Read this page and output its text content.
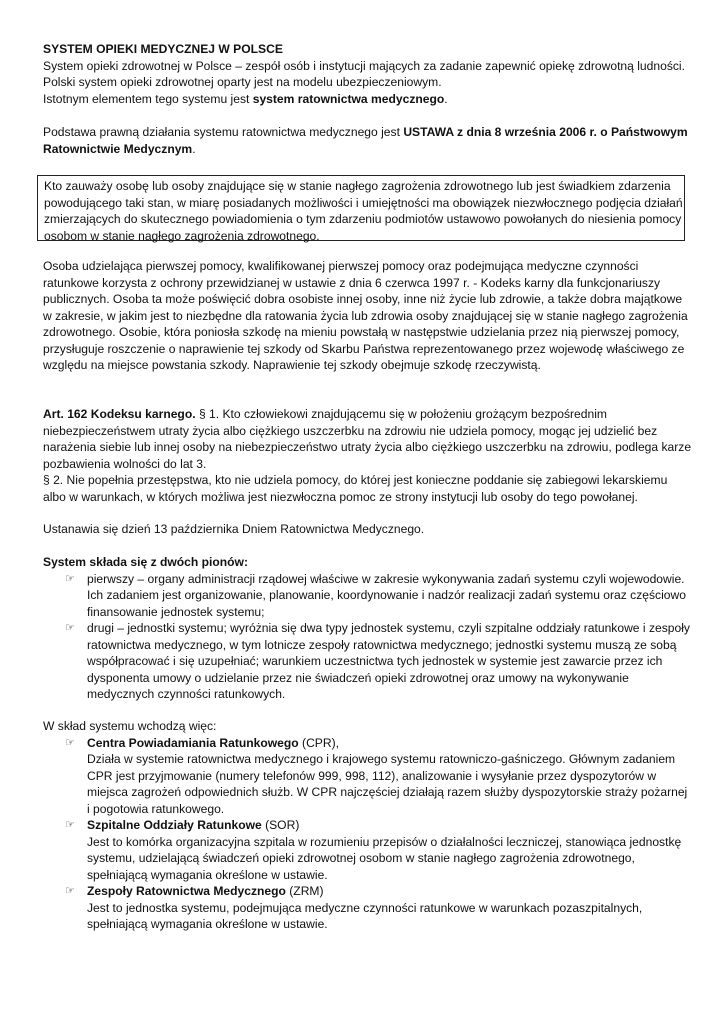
SYSTEM OPIEKI MEDYCZNEJ W POLSCE

System opieki zdrowotnej w Polsce – zespół osób i instytucji mających za zadanie zapewnić opiekę zdrowotną ludności.

Polski system opieki zdrowotnej oparty jest na modelu ubezpieczeniowym.

Istotnym elementem tego systemu jest system ratownictwa medycznego.

Podstawa prawną działania systemu ratownictwa medycznego jest USTAWA z dnia 8 września 2006 r. o Państwowym Ratownictwie Medycznym.

Kto zauważy osobę lub osoby znajdujące się w stanie nagłego zagrożenia zdrowotnego lub jest świadkiem zdarzenia powodującego taki stan, w miarę posiadanych możliwości i umiejętności ma obowiązek niezwłocznego podjęcia działań zmierzających do skutecznego powiadomienia o tym zdarzeniu podmiotów ustawowo powołanych do niesienia pomocy osobom w stanie nagłego zagrożenia zdrowotnego.

Osoba udzielająca pierwszej pomocy, kwalifikowanej pierwszej pomocy oraz podejmująca medyczne czynności ratunkowe korzysta z ochrony przewidzianej w ustawie z dnia 6 czerwca 1997 r. - Kodeks karny dla funkcjonariuszy publicznych. Osoba ta może poświęcić dobra osobiste innej osoby, inne niż życie lub zdrowie, a także dobra majątkowe w zakresie, w jakim jest to niezbędne dla ratowania życia lub zdrowia osoby znajdującej się w stanie nagłego zagrożenia zdrowotnego. Osobie, która poniosła szkodę na mieniu powstałą w następstwie udzielania przez nią pierwszej pomocy, przysługuje roszczenie o naprawienie tej szkody od Skarbu Państwa reprezentowanego przez wojewodę właściwego ze względu na miejsce powstania szkody. Naprawienie tej szkody obejmuje szkodę rzeczywistą.

Art. 162 Kodeksu karnego. § 1. Kto człowiekowi znajdującemu się w położeniu grożącym bezpośrednim niebezpieczeństwem utraty życia albo ciężkiego uszczerbku na zdrowiu nie udziela pomocy, mogąc jej udzielić bez narażenia siebie lub innej osoby na niebezpieczeństwo utraty życia albo ciężkiego uszczerbku na zdrowiu, podlega karze pozbawienia wolności do lat 3.

§ 2. Nie popełnia przestępstwa, kto nie udziela pomocy, do której jest konieczne poddanie się zabiegowi lekarskiemu albo w warunkach, w których możliwa jest niezwłoczna pomoc ze strony instytucji lub osoby do tego powołanej.

Ustanawia się dzień 13 października Dniem Ratownictwa Medycznego.

System składa się z dwóch pionów:

☞ pierwszy – organy administracji rządowej właściwe w zakresie wykonywania zadań systemu czyli wojewodowie. Ich zadaniem jest organizowanie, planowanie, koordynowanie i nadzór realizacji zadań systemu oraz częściowo finansowanie jednostek systemu;
☞ drugi – jednostki systemu; wyróżnia się dwa typy jednostek systemu, czyli szpitalne oddziały ratunkowe i zespoły ratownictwa medycznego, w tym lotnicze zespoły ratownictwa medycznego; jednostki systemu muszą ze sobą współpracować i się uzupełniać; warunkiem uczestnictwa tych jednostek w systemie jest zawarcie przez ich dysponenta umowy o udzielanie przez nie świadczeń opieki zdrowotnej oraz umowy na wykonywanie medycznych czynności ratunkowych.

W skład systemu wchodzą więc:

☞ Centra Powiadamiania Ratunkowego (CPR),
Działa w systemie ratownictwa medycznego i krajowego systemu ratowniczo-gaśniczego. Głównym zadaniem CPR jest przyjmowanie (numery telefonów 999, 998, 112), analizowanie i wysyłanie przez dyspozytorów w miejsca zagrożeń odpowiednich służb. W CPR najczęściej działają razem służby dyspozytorskie straży pożarnej i pogotowia ratunkowego.
☞ Szpitalne Oddziały Ratunkowe (SOR)
Jest to komórka organizacyjna szpitala w rozumieniu przepisów o działalności leczniczej, stanowiąca jednostkę systemu, udzielającą świadczeń opieki zdrowotnej osobom w stanie nagłego zagrożenia zdrowotnego, spełniającą wymagania określone w ustawie.
☞ Zespoły Ratownictwa Medycznego (ZRM)
Jest to jednostka systemu, podejmująca medyczne czynności ratunkowe w warunkach pozaszpitalnych, spełniającą wymagania określone w ustawie.
